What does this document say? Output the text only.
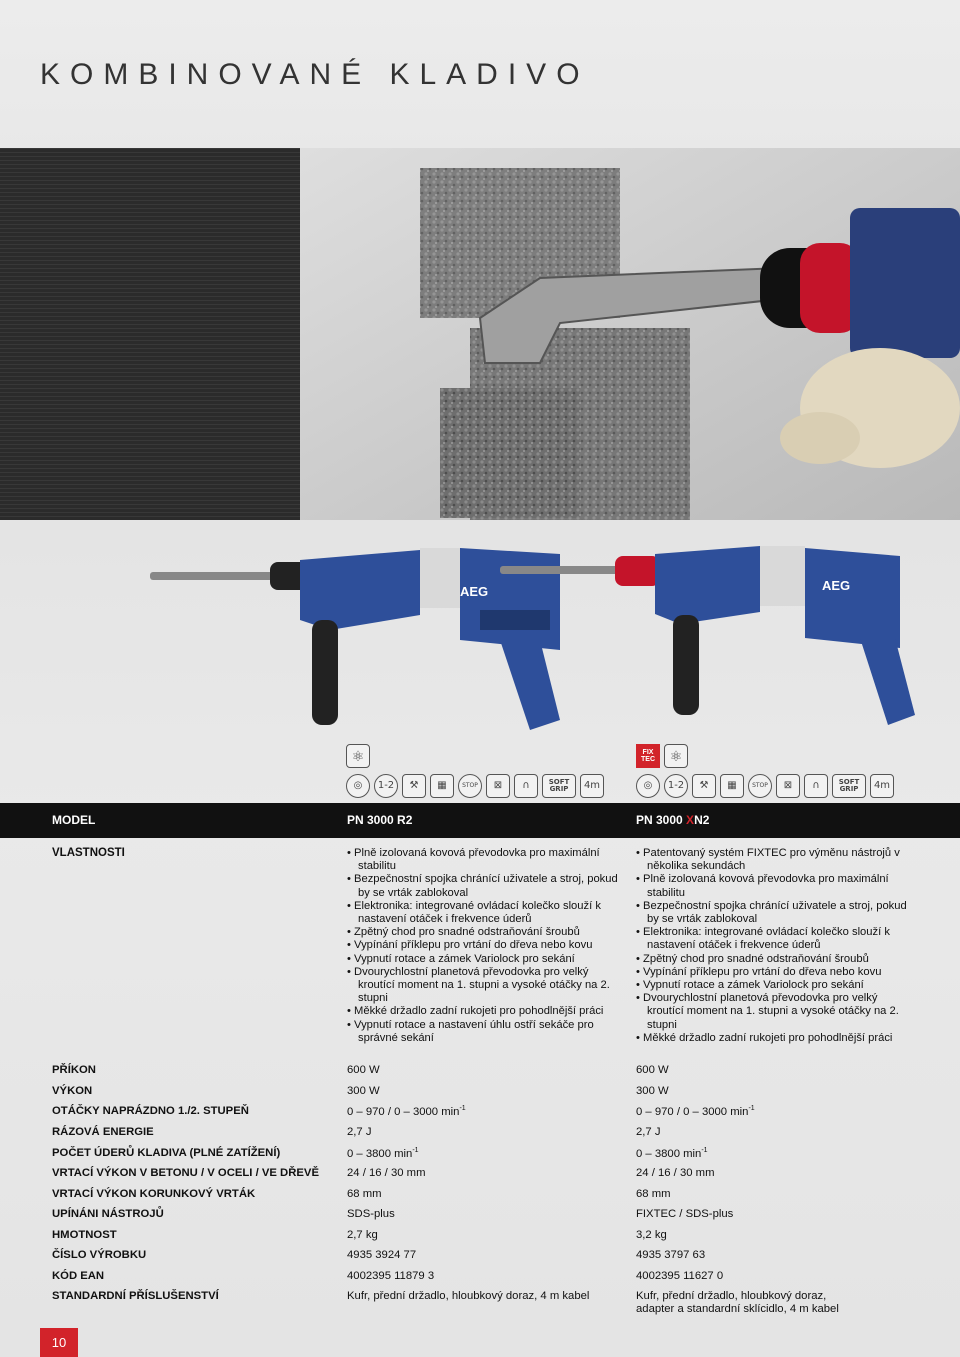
KOMBINOVANÉ KLADIVO
AEG	AEG
⚛	FIX
TEC	⚛
◎	1-2	⚒	▦	STOP	⊠	∩	SOFT GRIP	4m	◎	1-2	⚒	▦	STOP	⊠	∩	SOFT GRIP	4m
MODEL	PN 3000 R2	PN 3000 XN2
VLASTNOSTI
•	Plně izolovaná kovová převodovka pro maximální stabilitu
• Bezpečnostní spojka chránící uživatele a stroj, pokud by se vrták zablokoval
• Elektronika: integrované ovládací kolečko slouží k nastavení otáček i frekvence úderů
• Zpětný chod pro snadné odstraňování šroubů
• Vypínání příklepu pro vrtání do dřeva nebo kovu
• Vypnutí rotace a zámek Variolock pro sekání
• Dvourychlostní planetová převodovka pro velký kroutící moment na 1. stupni a vysoké otáčky na 2. stupni
• Měkké držadlo zadní rukojeti pro pohodlnější práci
• Vypnutí rotace a nastavení úhlu ostří sekáče pro správné sekání
• Patentovaný systém FIXTEC pro výměnu nástrojů v několika sekundách
• Plně izolovaná kovová převodovka pro maximální stabilitu
• Bezpečnostní spojka chránící uživatele a stroj, pokud by se vrták zablokoval
• Elektronika: integrované ovládací kolečko slouží k nastavení otáček i frekvence úderů
• Zpětný chod pro snadné odstraňování šroubů
• Vypínání příklepu pro vrtání do dřeva nebo kovu
• Vypnutí rotace a zámek Variolock pro sekání
• Dvourychlostní planetová převodovka pro velký kroutící moment na 1. stupni a vysoké otáčky na 2. stupni
• Měkké držadlo zadní rukojeti pro pohodlnější práci
PŘÍKON	600 W	600 W
VÝKON	300 W	300 W
OTÁČKY NAPRÁZDNO 1./2. STUPEŇ	0 – 970 / 0 – 3000 $\min^{-1}$	0 – 970 / 0 – 3000 $\min^{-1}$
RÁZOVÁ ENERGIE	2,7 J	2,7 J
POČET ÚDERŮ KLADIVA (PLNÉ ZATÍŽENÍ)	0 – 3800 $\min^{-1}$	0 – 3800 $\min^{-1}$
VRTACÍ VÝKON V BETONU / V OCELI / VE DŘEVĚ 24 / 16 / 30 mm	24 / 16 / 30 mm
VRTACÍ VÝKON KORUNKOVÝ VRTÁK	68 mm	68 mm
UPÍNÁNI NÁSTROJŮ	SDS-plus	FIXTEC / SDS-plus
HMOTNOST	2,7 kg	3,2 kg
ČÍSLO VÝROBKU	4935 3924 77	4935 3797 63
KÓD EAN	4002395 11879 3	4002395 11627 0
STANDARDNÍ PŘÍSLUŠENSTVÍ	Kufr, přední držadlo, hloubkový doraz, 4 m kabel	Kufr, přední držadlo, hloubkový doraz,
adapter a standardní sklícidlo, 4 m kabel
10
